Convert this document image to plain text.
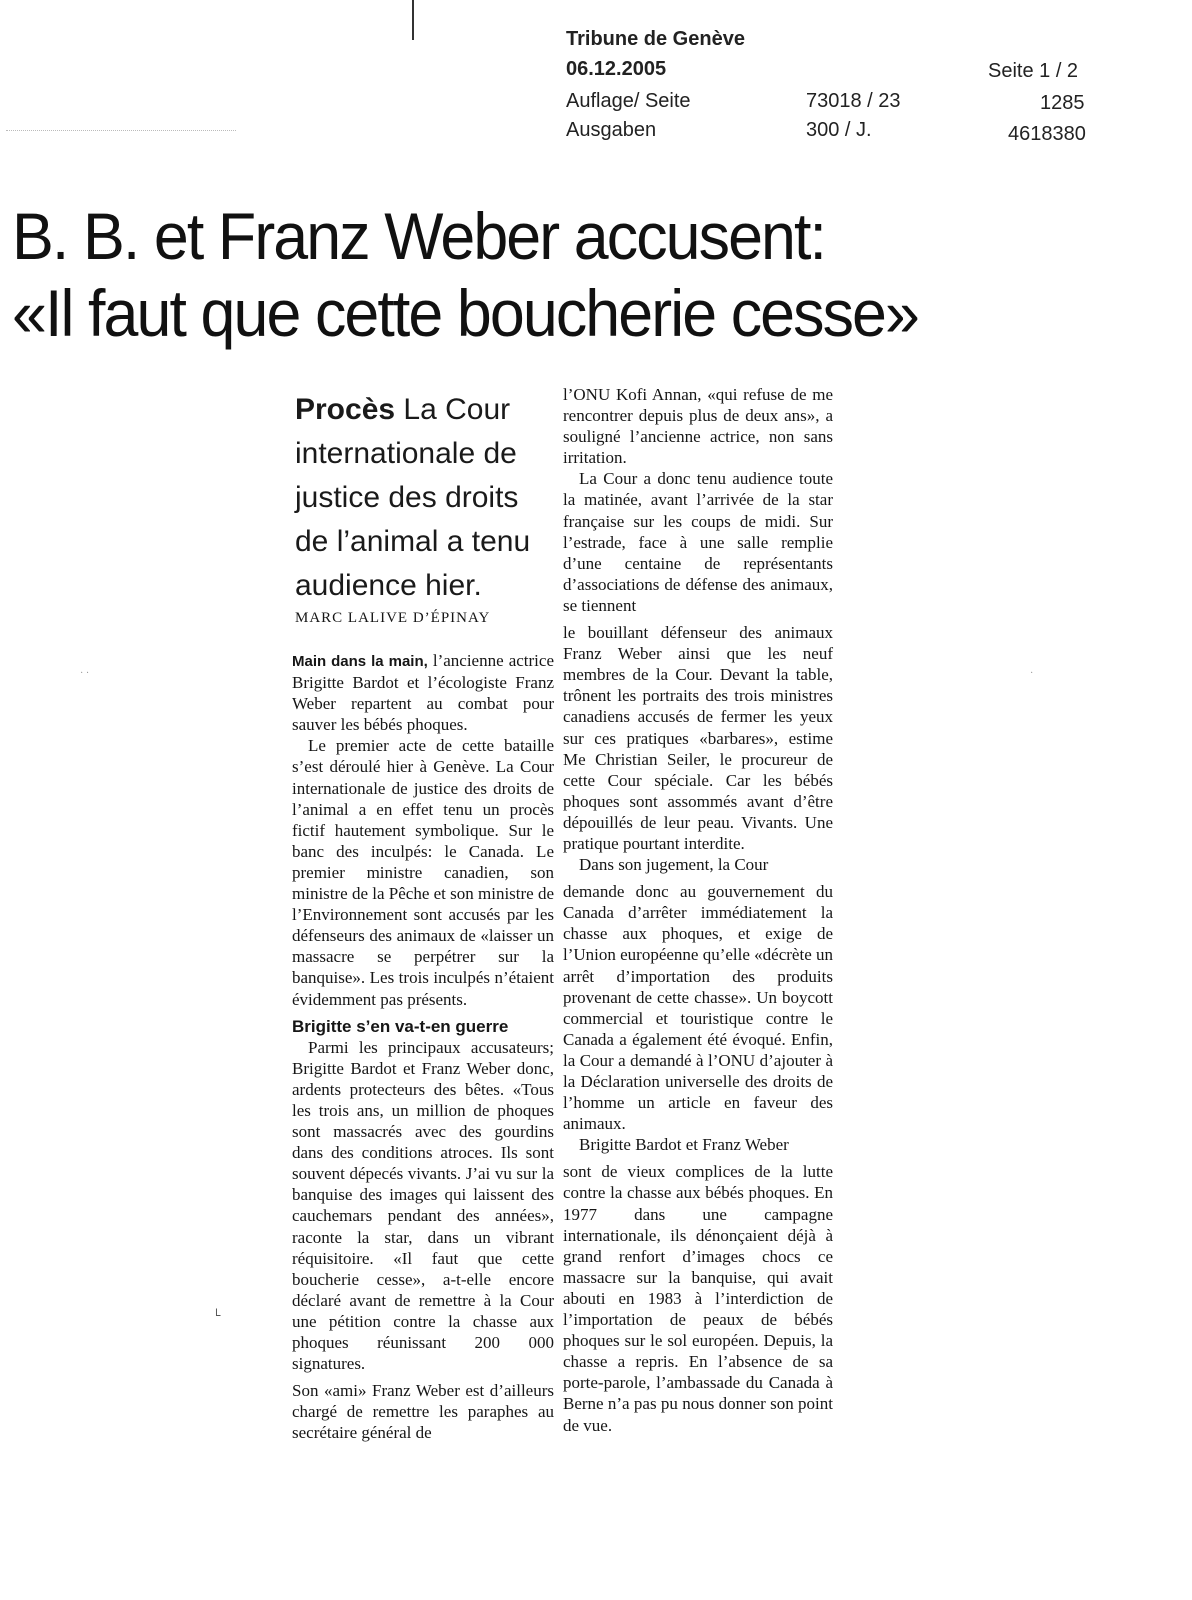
Tribune de Genève
06.12.2005	Seite 1 / 2
Auflage/ Seite	73018 / 23	1285
Ausgaben	300 / J.	4618380
B. B. et Franz Weber accusent:
«Il faut que cette boucherie cesse»
Procès La Cour internationale de justice des droits de l’animal a tenu audience hier.
MARC LALIVE D’ÉPINAY

Main dans la main, l’ancienne actrice Brigitte Bardot et l’écologiste Franz Weber repartent au combat pour sauver les bébés phoques.

Le premier acte de cette bataille s’est déroulé hier à Genève. La Cour internationale de justice des droits de l’animal a en effet tenu un procès fictif hautement symbolique. Sur le banc des inculpés: le Canada. Le premier ministre canadien, son ministre de la Pêche et son ministre de l’Environnement sont accusés par les défenseurs des animaux de «laisser un massacre se perpétrer sur la banquise». Les trois inculpés n’étaient évidemment pas présents.

Brigitte s’en va-t-en guerre

Parmi les principaux accusateurs; Brigitte Bardot et Franz Weber donc, ardents protecteurs des bêtes. «Tous les trois ans, un million de phoques sont massacrés avec des gourdins dans des conditions atroces. Ils sont souvent dépecés vivants. J’ai vu sur la banquise des images qui laissent des cauchemars pendant des années», raconte la star, dans un vibrant réquisitoire. «Il faut que cette boucherie cesse», a-t-elle encore déclaré avant de remettre à la Cour une pétition contre la chasse aux phoques réunissant 200 000 signatures.

Son «ami» Franz Weber est d’ailleurs chargé de remettre les paraphes au secrétaire général de

l’ONU Kofi Annan, «qui refuse de me rencontrer depuis plus de deux ans», a souligné l’ancienne actrice, non sans irritation.

La Cour a donc tenu audience toute la matinée, avant l’arrivée de la star française sur les coups de midi. Sur l’estrade, face à une salle remplie d’une centaine de représentants d’associations de défense des animaux, se tiennent

le bouillant défenseur des animaux Franz Weber ainsi que les neuf membres de la Cour. Devant la table, trônent les portraits des trois ministres canadiens accusés de fermer les yeux sur ces pratiques «barbares», estime Me Christian Seiler, le procureur de cette Cour spéciale. Car les bébés phoques sont assommés avant d’être dépouillés de leur peau. Vivants. Une pratique pourtant interdite.

Dans son jugement, la Cour

demande donc au gouvernement du Canada d’arrêter immédiatement la chasse aux phoques, et exige de l’Union européenne qu’elle «décrète un arrêt d’importation des produits provenant de cette chasse». Un boycott commercial et touristique contre le Canada a également été évoqué. Enfin, la Cour a demandé à l’ONU d’ajouter à la Déclaration universelle des droits de l’homme un article en faveur des animaux.

Brigitte Bardot et Franz Weber

sont de vieux complices de la lutte contre la chasse aux bébés phoques. En 1977 dans une campagne internationale, ils dénonçaient déjà à grand renfort d’images chocs ce massacre sur la banquise, qui avait abouti en 1983 à l’interdiction de l’importation de peaux de bébés phoques sur le sol européen. Depuis, la chasse a repris. En l’absence de sa porte-parole, l’ambassade du Canada à Berne n’a pas pu nous donner son point de vue.

· ·	·
ᒪ
